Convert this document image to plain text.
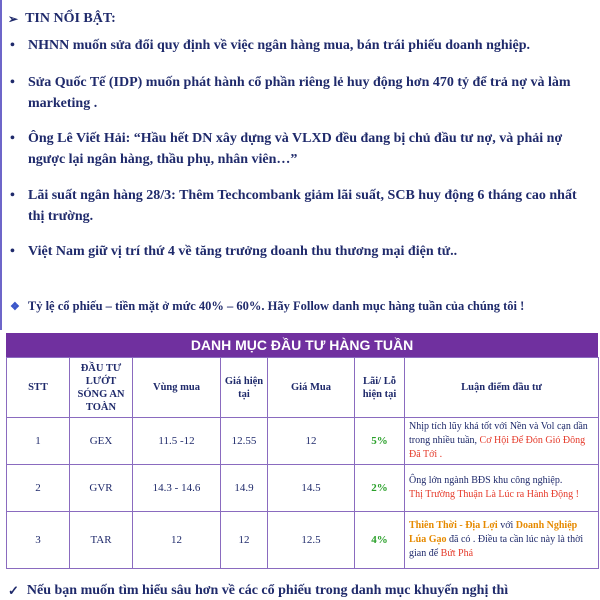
➢ TIN NỔI BẬT:
• NHNN muốn sửa đổi quy định về việc ngân hàng mua, bán trái phiếu doanh nghiệp.
• Sửa Quốc Tế (IDP) muốn phát hành cổ phần riêng lẻ huy động hơn 470 tỷ để trả nợ và làm marketing .
• Ông Lê Viết Hải: “Hầu hết DN xây dựng và VLXD đều đang bị chủ đầu tư nợ, và phải nợ ngược lại ngân hàng, thầu phụ, nhân viên…”
• Lãi suất ngân hàng 28/3: Thêm Techcombank giảm lãi suất, SCB huy động 6 tháng cao nhất thị trường.
• Việt Nam giữ vị trí thứ 4 về tăng trưởng doanh thu thương mại điện tử..
❖ Tỷ lệ cổ phiếu – tiền mặt ở mức 40% – 60%. Hãy Follow danh mục hàng tuần của chúng tôi !
DANH MỤC ĐẦU TƯ HÀNG TUẦN
STT	ĐẦU TƯ LƯỚT SÓNG AN TOÀN	Vùng mua	Giá hiện tại	Giá Mua	Lãi/ Lỗ hiện tại	Luận điểm đầu tư
1	GEX	11.5 -12	12.55	12	5%	Nhịp tích lũy khá tốt với Nền và Vol cạn dần trong nhiều tuần, Cơ Hội Để Đón Gió Đông Đã Tới .
2	GVR	14.3 - 14.6	14.9	14.5	2%	Ông lớn ngành BĐS khu công nghiệp.
Thị Trường Thuận Là Lúc ra Hành Động !
3	TAR	12	12	12.5	4%	Thiên Thời - Địa Lợi với Doanh Nghiệp Lúa Gạo đã có . Điều ta cần lúc này là thời gian để Bứt Phá
✓ Nếu bạn muốn tìm hiểu sâu hơn về các cổ phiếu trong danh mục khuyến nghị thì
